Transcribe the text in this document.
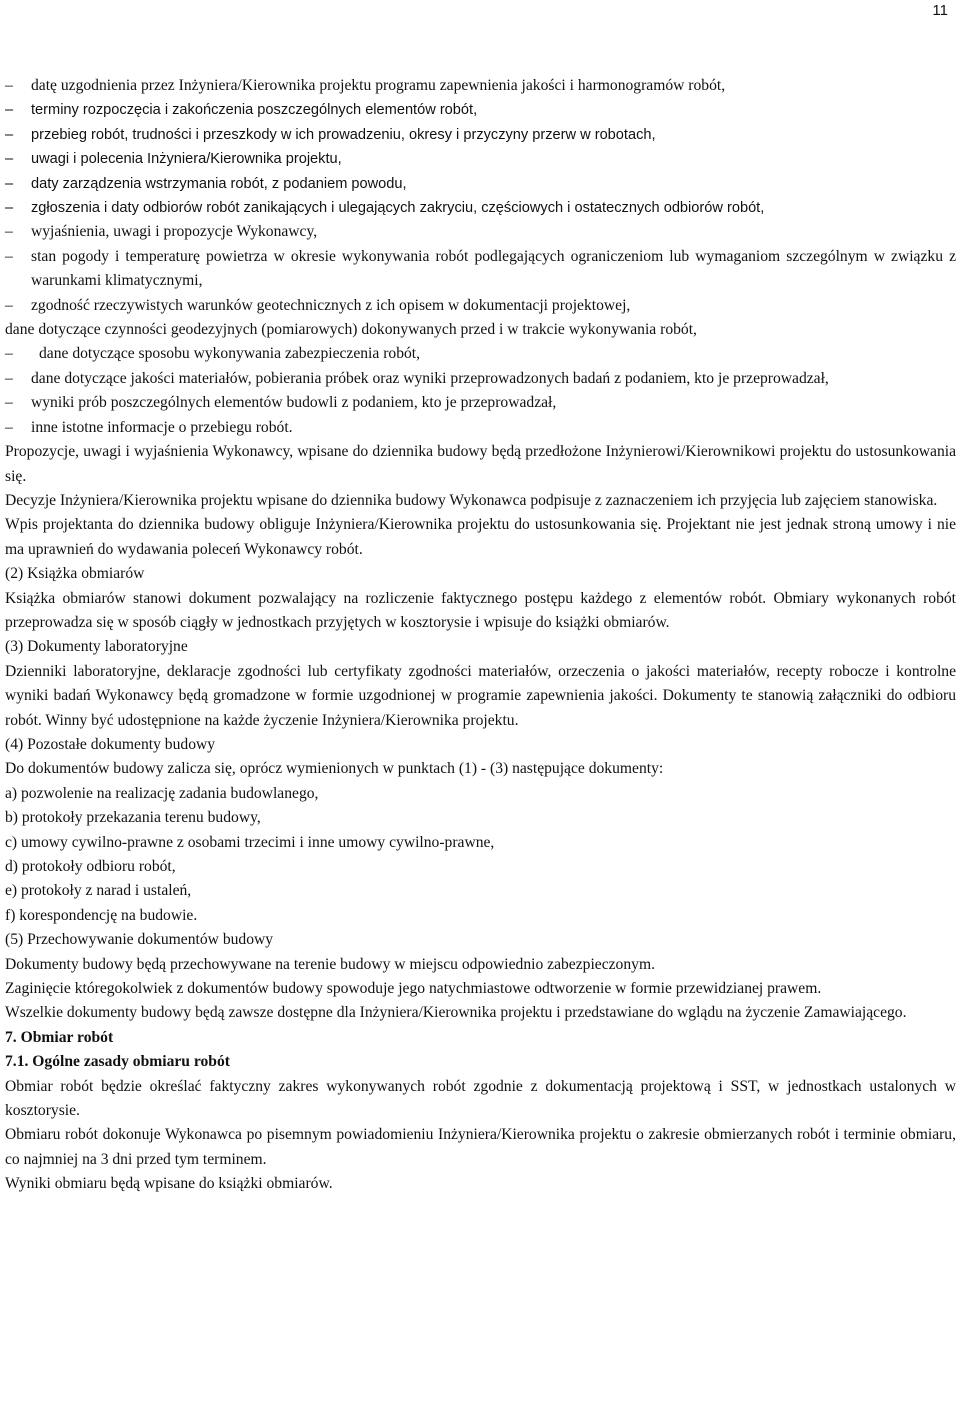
11
– datę uzgodnienia przez Inżyniera/Kierownika projektu programu zapewnienia jakości i harmonogramów robót,
– terminy rozpoczęcia i zakończenia poszczególnych elementów robót,
– przebieg robót, trudności i przeszkody w ich prowadzeniu, okresy i przyczyny przerw w robotach,
– uwagi i polecenia Inżyniera/Kierownika projektu,
– daty zarządzenia wstrzymania robót, z podaniem powodu,
– zgłoszenia i daty odbiorów robót zanikających i ulegających zakryciu, częściowych i ostatecznych odbiorów robót,
– wyjaśnienia, uwagi i propozycje Wykonawcy,
– stan pogody i temperaturę powietrza w okresie wykonywania robót podlegających ograniczeniom lub wymaganiom szczególnym w związku z warunkami klimatycznymi,
– zgodność rzeczywistych warunków geotechnicznych z ich opisem w dokumentacji projektowej,

dane dotyczące czynności geodezyjnych (pomiarowych) dokonywanych przed i w trakcie wykonywania robót,

– dane dotyczące sposobu wykonywania zabezpieczenia robót,
– dane dotyczące jakości materiałów, pobierania próbek oraz wyniki przeprowadzonych badań z podaniem, kto je przeprowadzał,
– wyniki prób poszczególnych elementów budowli z podaniem, kto je przeprowadzał,
– inne istotne informacje o przebiegu robót.

Propozycje, uwagi i wyjaśnienia Wykonawcy, wpisane do dziennika budowy będą przedłożone Inżynierowi/Kierownikowi projektu do ustosunkowania się.

Decyzje Inżyniera/Kierownika projektu wpisane do dziennika budowy Wykonawca podpisuje z zaznaczeniem ich przyjęcia lub zajęciem stanowiska.

Wpis projektanta do dziennika budowy obliguje Inżyniera/Kierownika projektu do ustosunkowania się. Projektant nie jest jednak stroną umowy i nie ma uprawnień do wydawania poleceń Wykonawcy robót.

(2) Książka obmiarów

Książka obmiarów stanowi dokument pozwalający na rozliczenie faktycznego postępu każdego z elementów robót. Obmiary wykonanych robót przeprowadza się w sposób ciągły w jednostkach przyjętych w kosztorysie i wpisuje do książki obmiarów.

(3) Dokumenty laboratoryjne

Dzienniki laboratoryjne, deklaracje zgodności lub certyfikaty zgodności materiałów, orzeczenia o jakości materiałów, recepty robocze i kontrolne wyniki badań Wykonawcy będą gromadzone w formie uzgodnionej w programie zapewnienia jakości. Dokumenty te stanowią załączniki do odbioru robót. Winny być udostępnione na każde życzenie Inżyniera/Kierownika projektu.

(4) Pozostałe dokumenty budowy

Do dokumentów budowy zalicza się, oprócz wymienionych w punktach (1) - (3) następujące dokumenty:

a) pozwolenie na realizację zadania budowlanego,

b) protokoły przekazania terenu budowy,

c) umowy cywilno-prawne z osobami trzecimi i inne umowy cywilno-prawne,

d) protokoły odbioru robót,

e) protokoły z narad i ustaleń,

f) korespondencję na budowie.

(5) Przechowywanie dokumentów budowy

Dokumenty budowy będą przechowywane na terenie budowy w miejscu odpowiednio zabezpieczonym.

Zaginięcie któregokolwiek z dokumentów budowy spowoduje jego natychmiastowe odtworzenie w formie przewidzianej prawem.

Wszelkie dokumenty budowy będą zawsze dostępne dla Inżyniera/Kierownika projektu i przedstawiane do wglądu na życzenie Zamawiającego.

7. Obmiar robót

7.1. Ogólne zasady obmiaru robót

Obmiar robót będzie określać faktyczny zakres wykonywanych robót zgodnie z dokumentacją projektową i SST, w jednostkach ustalonych w kosztorysie.

Obmiaru robót dokonuje Wykonawca po pisemnym powiadomieniu Inżyniera/Kierownika projektu o zakresie obmierzanych robót i terminie obmiaru, co najmniej na 3 dni przed tym terminem.

Wyniki obmiaru będą wpisane do książki obmiarów.
